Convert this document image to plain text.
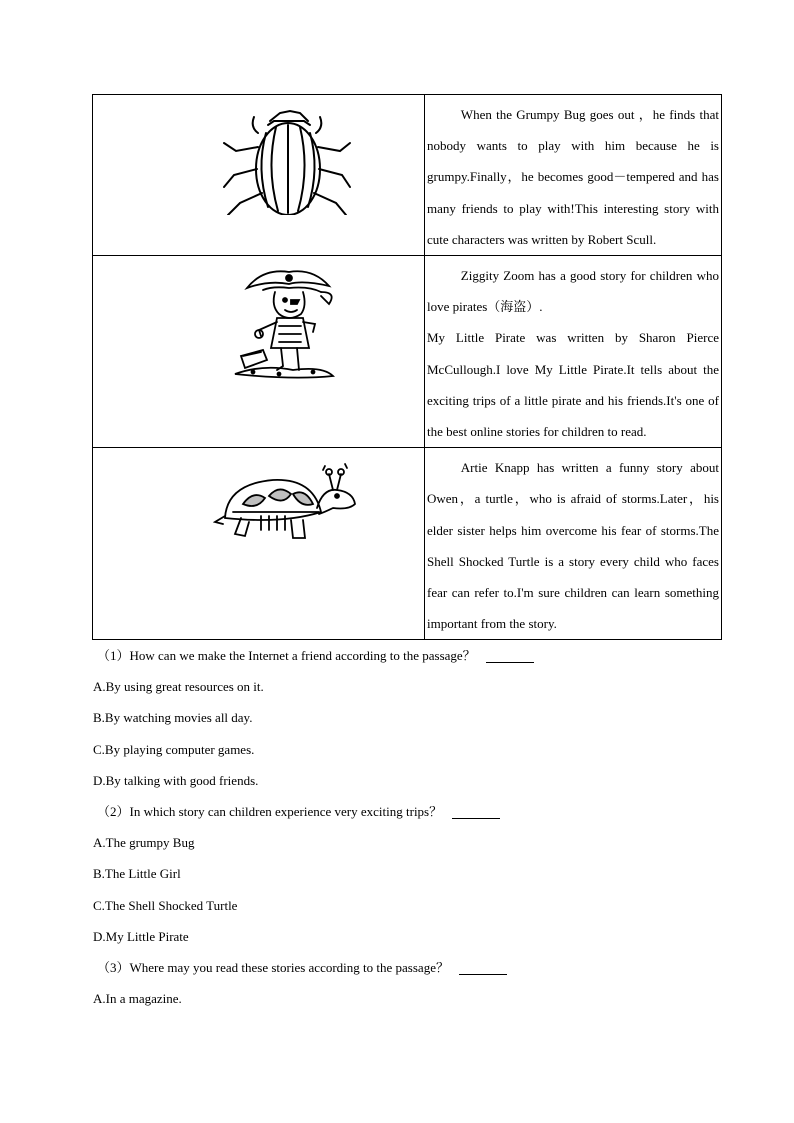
When the Grumpy Bug goes out ，he finds that nobody wants to play with him because he is grumpy.Finally，he becomes good－tempered and has many friends to play with!This interesting story with cute characters was written by Robert Scull.

Ziggity Zoom has a good story for children who love pirates（海盗）.
My Little Pirate was written by Sharon Pierce McCullough.I love My Little Pirate.It tells about the exciting trips of a little pirate and his friends.It's one of the best online stories for children to read.

Artie Knapp has written a funny story about Owen，a turtle，who is afraid of storms.Later，his elder sister helps him overcome his fear of storms.The Shell Shocked Turtle is a story every child who faces fear can refer to.I'm sure children can learn something important from the story.

（1）How can we make the Internet a friend according to the passage？
A.By using great resources on it.
B.By watching movies all day.
C.By playing computer games.
D.By talking with good friends.
（2）In which story can children experience very exciting trips？
A.The grumpy Bug
B.The Little Girl
C.The Shell Shocked Turtle
D.My Little Pirate
（3）Where may you read these stories according to the passage？
A.In a magazine.
